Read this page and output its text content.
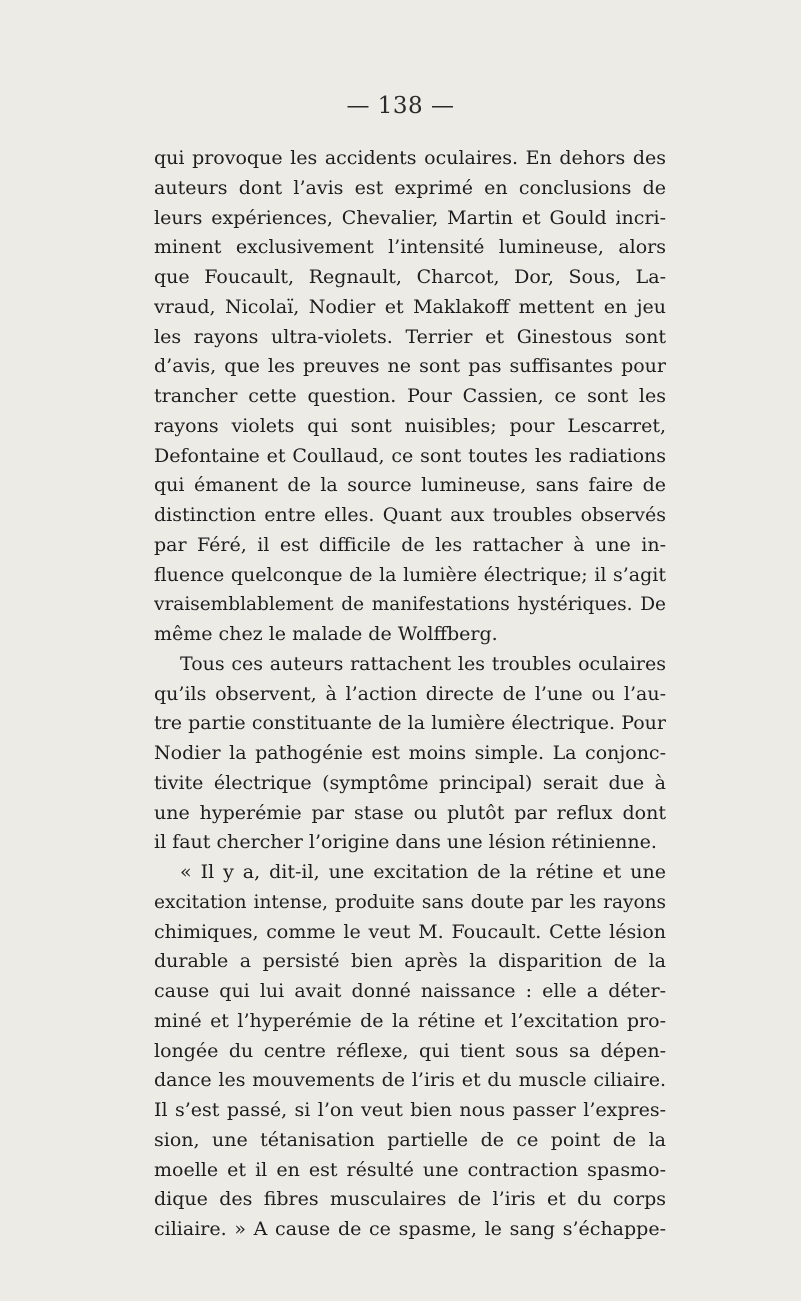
— 138 —
qui provoque les accidents oculaires. En dehors des
auteurs dont l’avis est exprimé en conclusions de
leurs expériences, Chevalier, Martin et Gould incri-
minent exclusivement l’intensité lumineuse, alors
que Foucault, Regnault, Charcot, Dor, Sous, La-
vraud, Nicolaï, Nodier et Maklakoff mettent en jeu
les rayons ultra-violets. Terrier et Ginestous sont
d’avis, que les preuves ne sont pas suffisantes pour
trancher cette question. Pour Cassien, ce sont les
rayons violets qui sont nuisibles; pour Lescarret,
Defontaine et Coullaud, ce sont toutes les radiations
qui émanent de la source lumineuse, sans faire de
distinction entre elles. Quant aux troubles observés
par Féré, il est difficile de les rattacher à une in-
fluence quelconque de la lumière électrique; il s’agit
vraisemblablement de manifestations hystériques. De
même chez le malade de Wolffberg.
Tous ces auteurs rattachent les troubles oculaires
qu’ils observent, à l’action directe de l’une ou l’au-
tre partie constituante de la lumière électrique. Pour
Nodier la pathogénie est moins simple. La conjonc-
tivite électrique (symptôme principal) serait due à
une hyperémie par stase ou plutôt par reflux dont
il faut chercher l’origine dans une lésion rétinienne.
« Il y a, dit-il, une excitation de la rétine et une
excitation intense, produite sans doute par les rayons
chimiques, comme le veut M. Foucault. Cette lésion
durable a persisté bien après la disparition de la
cause qui lui avait donné naissance : elle a déter-
miné et l’hyperémie de la rétine et l’excitation pro-
longée du centre réflexe, qui tient sous sa dépen-
dance les mouvements de l’iris et du muscle ciliaire.
Il s’est passé, si l’on veut bien nous passer l’expres-
sion, une tétanisation partielle de ce point de la
moelle et il en est résulté une contraction spasmo-
dique des fibres musculaires de l’iris et du corps
ciliaire. » A cause de ce spasme, le sang s’échappe-
